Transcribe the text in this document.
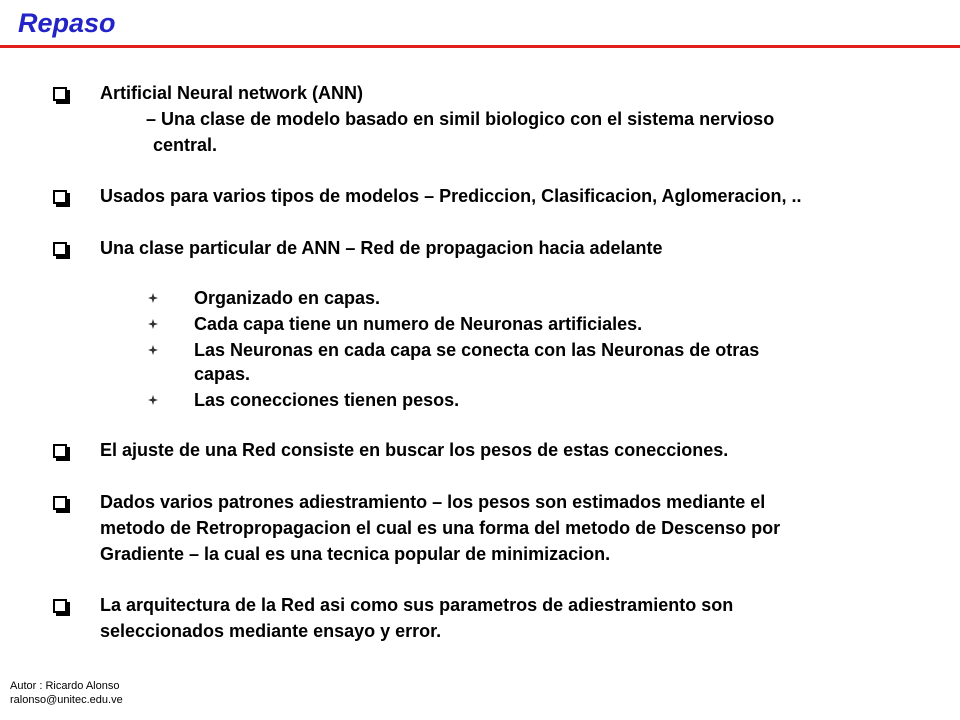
Repaso
Artificial Neural network (ANN)
– Una clase de modelo basado en simil biologico con el sistema nervioso
central.
Usados para varios tipos de modelos – Prediccion, Clasificacion, Aglomeracion, ..
Una clase particular de ANN – Red de propagacion hacia adelante
Organizado en capas.
Cada capa tiene un numero de Neuronas artificiales.
Las Neuronas en cada capa se conecta con las Neuronas de otras
capas.
Las conecciones tienen pesos.
El ajuste de una Red consiste en buscar los pesos de estas conecciones.
Dados varios patrones adiestramiento – los pesos son estimados mediante el
metodo de Retropropagacion el cual es una forma del metodo de Descenso por
Gradiente – la cual es una tecnica popular de minimizacion.
La arquitectura de la Red asi como sus parametros de adiestramiento son
seleccionados mediante ensayo y error.
Autor : Ricardo Alonso
ralonso@unitec.edu.ve
